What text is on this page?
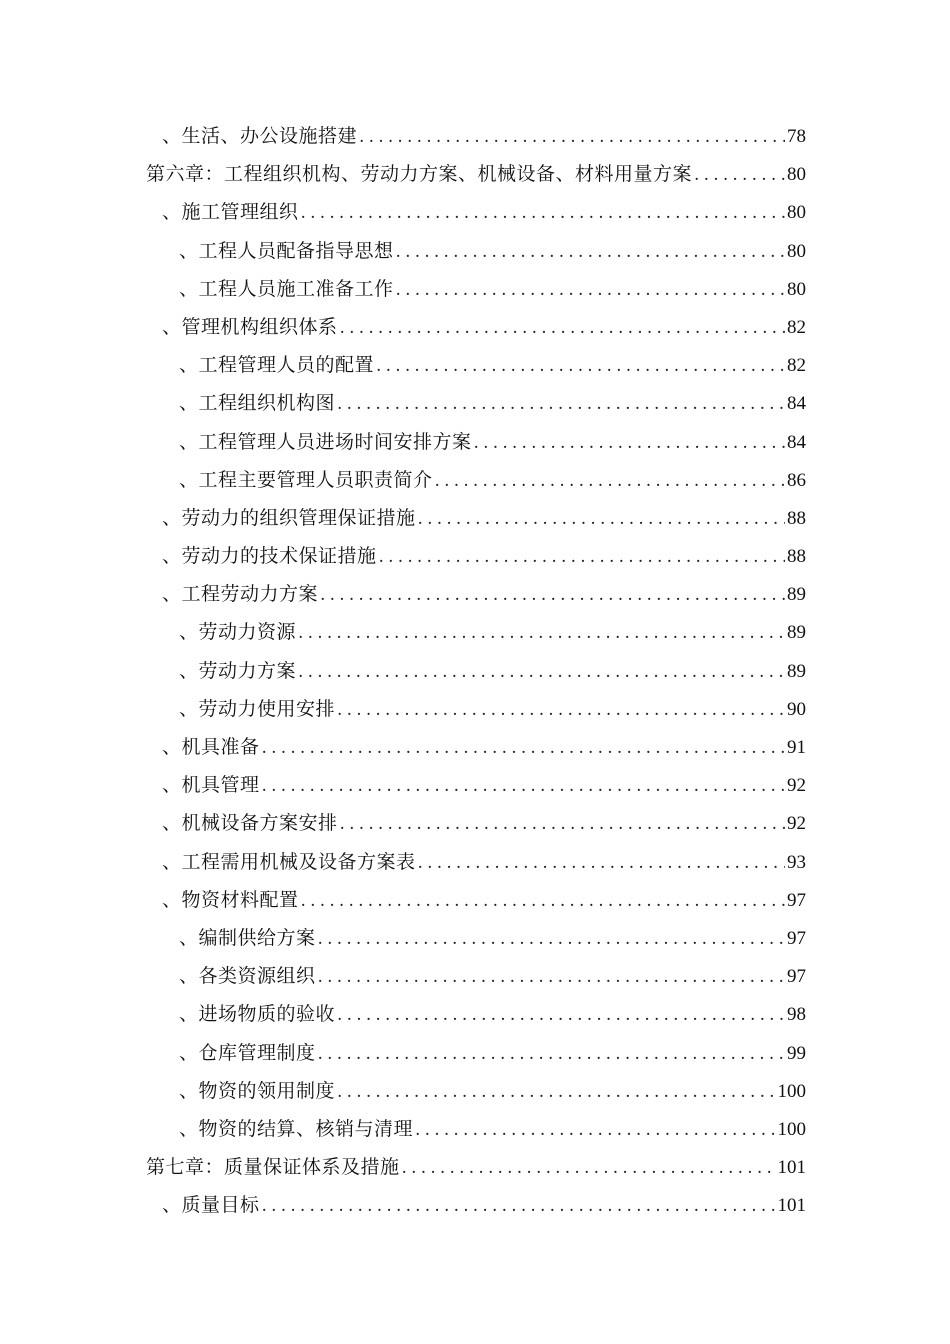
、生活、办公设施搭建 .....	78
第六章：工程组织机构、劳动力方案、机械设备、材料用量方案 .....	80
、施工管理组织 .....	80
、工程人员配备指导思想 .....	80
、工程人员施工准备工作 .....	80
、管理机构组织体系 .....	82
、工程管理人员的配置 .....	82
、工程组织机构图 .....	84
、工程管理人员进场时间安排方案 .....	84
、工程主要管理人员职责简介 .....	86
、劳动力的组织管理保证措施 .....	88
、劳动力的技术保证措施 .....	88
、工程劳动力方案 .....	89
、劳动力资源 .....	89
、劳动力方案 .....	89
、劳动力使用安排 .....	90
、机具准备 .....	91
、机具管理 .....	92
、机械设备方案安排 .....	92
、工程需用机械及设备方案表 .....	93
、物资材料配置 .....	97
、编制供给方案 .....	97
、各类资源组织 .....	97
、进场物质的验收 .....	98
、仓库管理制度 .....	99
、物资的领用制度 .....	100
、物资的结算、核销与清理 .....	100
第七章：质量保证体系及措施 .....	101
、质量目标 .....	101
